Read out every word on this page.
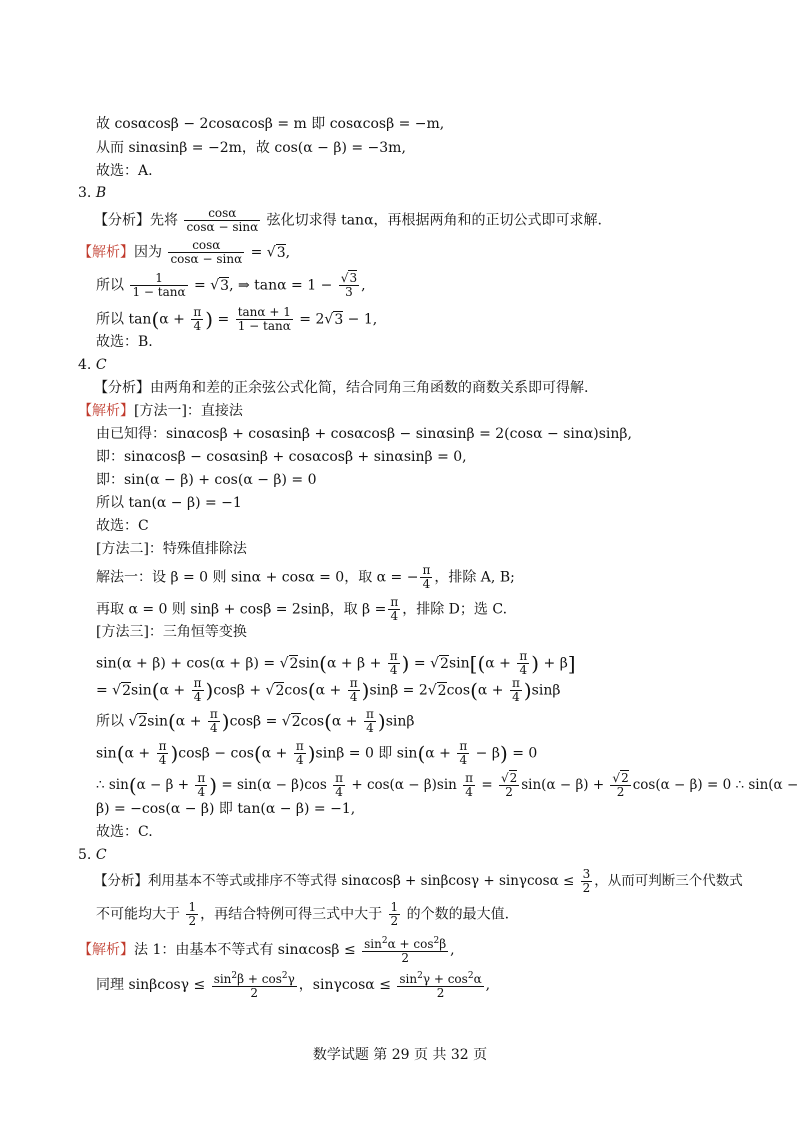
故 cosαcosβ − 2cosαcosβ = m 即 cosαcosβ = −m,
从而 sinαsinβ = −2m，故 cos(α − β) = −3m,
故选：A.
3. B
【分析】先将 $\frac{\cos\alpha}{\cos\alpha - \sin\alpha}$ 弦化切求得 tanα，再根据两角和的正切公式即可求解.
【解析】因为 $\frac{\cos\alpha}{\cos\alpha - \sin\alpha} = √3$,
所以 $\frac{1}{1 - \tan\alpha} = √3$, ⇒ $\tan\alpha = 1 - \frac{√3}{3}$ ,
所以 $\tan(\alpha + \frac{\pi}{4}$ ) = $\frac{\tan\alpha + 1}{1 - \tan\alpha} = 2√3 - 1$,
故选：B.
4. C
【分析】由两角和差的正余弦公式化简，结合同角三角函数的商数关系即可得解.
【解析】[方法一]：直接法
由已知得：sinαcosβ + cosαsinβ + cosαcosβ − sinαsinβ = 2(cosα − sinα)sinβ,
即：sinαcosβ − cosαsinβ + cosαcosβ + sinαsinβ = 0,
即：sin(α − β) + cos(α − β) = 0
所以 tan(α − β) = −1
故选：C
[方法二]：特殊值排除法
解法一：设 β = 0 则 sinα + cosα = 0，取 α = − $\frac{\pi}{4}$ ，排除 A, B;
再取 α = 0 则 sinβ + cosβ = 2sinβ，取 $\beta = \frac{\pi}{4}$ ，排除 D；选 C.
[方法三]：三角恒等变换
$\sin(\alpha + \beta) + \cos(\alpha + \beta) = √2\sin(\alpha + \beta + \frac{\pi}{4}$ ) = $√2\sin[(\alpha + \frac{\pi}{4}$ ) + β]
= $√2\sin(\alpha + \frac{\pi}{4} )\cos\beta + √2\cos(\alpha + \frac{\pi}{4} )\sin\beta = 2√2\cos(\alpha + \frac{\pi}{4} )\sin\beta$
所以 $√2\sin(\alpha + \frac{\pi}{4} )\cos\beta = √2\cos(\alpha + \frac{\pi}{4} )\sin\beta$
$\sin(\alpha + \frac{\pi}{4} )\cos\beta - \cos(\alpha + \frac{\pi}{4} )\sin\beta = 0$ 即 $\sin(\alpha + \frac{\pi}{4} - \beta) = 0$
∴ $\sin(\alpha - \beta + \frac{\pi}{4}$ ) = $\sin(\alpha - \beta)\cos \frac{\pi}{4} + \cos(\alpha - \beta)\sin \frac{\pi}{4} = \frac{√2}{2} \sin(\alpha - \beta) + \frac{√2}{2} \cos(\alpha - \beta) = 0$ ∴ sin(α −
β) = −cos(α − β) 即 tan(α − β) = −1,
故选：C.
5. C
【分析】利用基本不等式或排序不等式得 $\sin\alpha\cos\beta + \sin\beta\cos\gamma + \sin\gamma\cos\alpha \le \frac{3}{2}$ ，从而可判断三个代数式
不可能均大于 $\frac{1}{2}$ ，再结合特例可得三式中大于 $\frac{1}{2}$ 的个数的最大值.
【解析】法 1：由基本不等式有 $\sin\alpha\cos\beta \le \frac{\sin^2\alpha + \cos^2\beta}{2}$ ,
同理 $\sin\beta\cos\gamma \le \frac{\sin^2\beta + \cos^2\gamma}{2}$ ，$\sin\gamma\cos\alpha \le \frac{\sin^2\gamma + \cos^2\alpha}{2}$ ,
数学试题 第 29 页 共 32 页
